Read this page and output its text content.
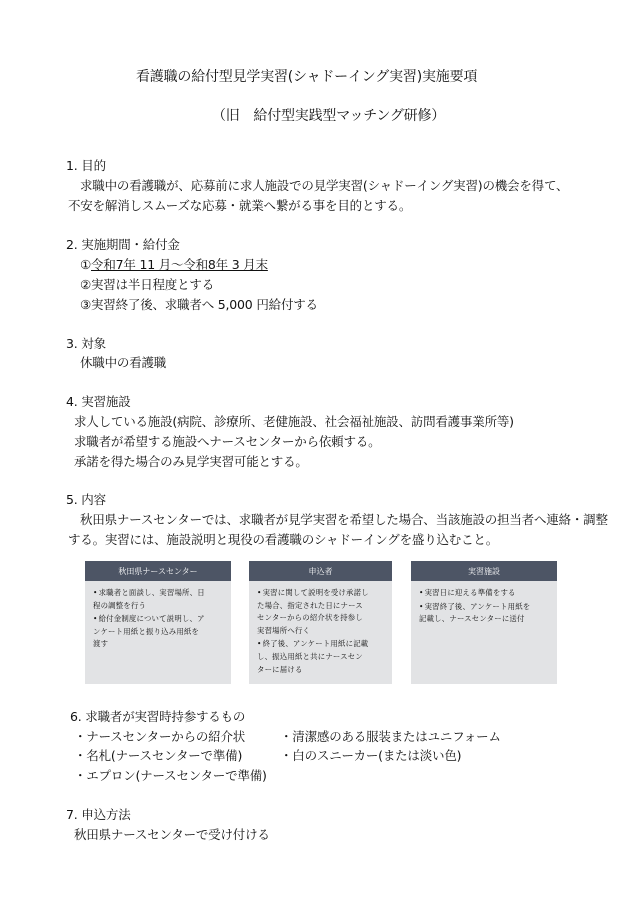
看護職の給付型見学実習(シャドーイング実習)実施要項
（旧　給付型実践型マッチング研修）
1. 目的
求職中の看護職が、応募前に求人施設での見学実習(シャドーイング実習)の機会を得て、
不安を解消しスムーズな応募・就業へ繋がる事を目的とする。
2. 実施期間・給付金
①令和7年 11 月～令和8年 3 月末
②実習は半日程度とする
③実習終了後、求職者へ 5,000 円給付する
3. 対象
休職中の看護職
4. 実習施設
求人している施設(病院、診療所、老健施設、社会福祉施設、訪問看護事業所等)
求職者が希望する施設へナースセンターから依頼する。
承諾を得た場合のみ見学実習可能とする。
5. 内容
秋田県ナースセンターでは、求職者が見学実習を希望した場合、当該施設の担当者へ連絡・調整
する。実習には、施設説明と現役の看護職のシャドーイングを盛り込むこと。
秋田県ナースセンター
• 求職者と面談し、実習場所、日
程の調整を行う
• 給付金制度について説明し、ア
ンケート用紙と振り込み用紙を
渡す
申込者
• 実習に関して説明を受け承諾し
た場合、指定された日にナース
センターからの紹介状を持参し
実習場所へ行く
• 終了後、アンケート用紙に記載
し、振込用紙と共にナースセン
ターに届ける
実習施設
• 実習日に迎える準備をする
• 実習終了後、アンケート用紙を
記載し、ナースセンターに送付
6. 求職者が実習時持参するもの
・ナースセンターからの紹介状
・名札(ナースセンターで準備)
・エプロン(ナースセンターで準備)
・清潔感のある服装またはユニフォーム
・白のスニーカー(または淡い色)
7. 申込方法
秋田県ナースセンターで受け付ける
